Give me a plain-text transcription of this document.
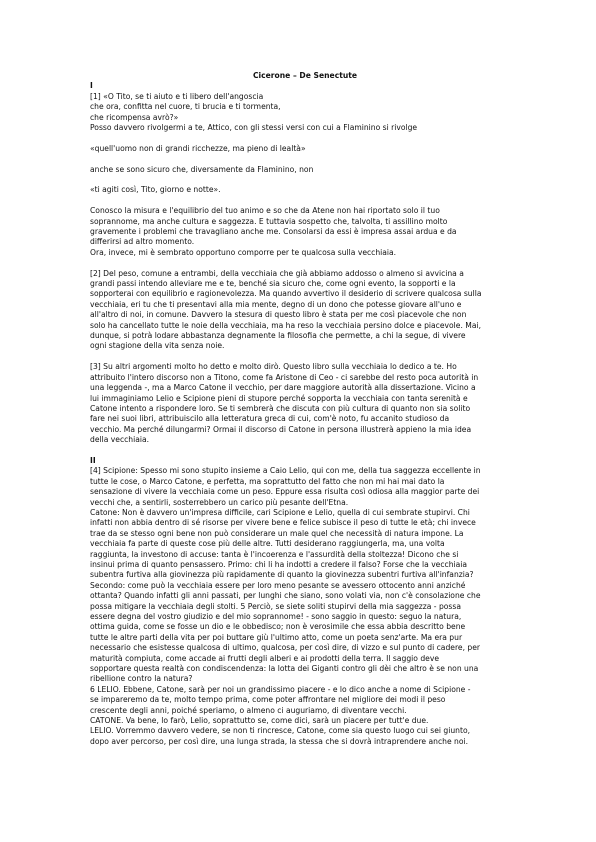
Cicerone – De Senectute
I

[1] «O Tito, se ti aiuto e ti libero dell'angoscia
che ora, confitta nel cuore, ti brucia e ti tormenta,
che ricompensa avrò?»
Posso davvero rivolgermi a te, Attico, con gli stessi versi con cui a Flaminino si rivolge

«quell'uomo non di grandi ricchezze, ma pieno di lealtà»

anche se sono sicuro che, diversamente da Flaminino, non

«ti agiti così, Tito, giorno e notte».

Conosco la misura e l'equilibrio del tuo animo e so che da Atene non hai riportato solo il tuo
soprannome, ma anche cultura e saggezza. E tuttavia sospetto che, talvolta, ti assillino molto
gravemente i problemi che travagliano anche me. Consolarsi da essi è impresa assai ardua e da
differirsi ad altro momento.
Ora, invece, mi è sembrato opportuno comporre per te qualcosa sulla vecchiaia.

[2] Del peso, comune a entrambi, della vecchiaia che già abbiamo addosso o almeno si avvicina a
grandi passi intendo alleviare me e te, benché sia sicuro che, come ogni evento, la sopporti e la
sopporterai con equilibrio e ragionevolezza. Ma quando avvertivo il desiderio di scrivere qualcosa sulla
vecchiaia, eri tu che ti presentavi alla mia mente, degno di un dono che potesse giovare all'uno e
all'altro di noi, in comune. Davvero la stesura di questo libro è stata per me così piacevole che non
solo ha cancellato tutte le noie della vecchiaia, ma ha reso la vecchiaia persino dolce e piacevole. Mai,
dunque, si potrà lodare abbastanza degnamente la filosofia che permette, a chi la segue, di vivere
ogni stagione della vita senza noie.

[3] Su altri argomenti molto ho detto e molto dirò. Questo libro sulla vecchiaia lo dedico a te. Ho
attribuito l'intero discorso non a Titono, come fa Aristone di Ceo - ci sarebbe del resto poca autorità in
una leggenda -, ma a Marco Catone il vecchio, per dare maggiore autorità alla dissertazione. Vicino a
lui immaginiamo Lelio e Scipione pieni di stupore perché sopporta la vecchiaia con tanta serenità e
Catone intento a rispondere loro. Se ti sembrerà che discuta con più cultura di quanto non sia solito
fare nei suoi libri, attribuiscilo alla letteratura greca di cui, com'è noto, fu accanito studioso da
vecchio. Ma perché dilungarmi? Ormai il discorso di Catone in persona illustrerà appieno la mia idea
della vecchiaia.

II

[4] Scipione: Spesso mi sono stupito insieme a Caio Lelio, qui con me, della tua saggezza eccellente in
tutte le cose, o Marco Catone, e perfetta, ma soprattutto del fatto che non mi hai mai dato la
sensazione di vivere la vecchiaia come un peso. Eppure essa risulta così odiosa alla maggior parte dei
vecchi che, a sentirli, sosterrebbero un carico più pesante dell'Etna.
Catone: Non è davvero un'impresa difficile, cari Scipione e Lelio, quella di cui sembrate stupirvi. Chi
infatti non abbia dentro di sé risorse per vivere bene e felice subisce il peso di tutte le età; chi invece
trae da se stesso ogni bene non può considerare un male quel che necessità di natura impone. La
vecchiaia fa parte di queste cose più delle altre. Tutti desiderano raggiungerla, ma, una volta
raggiunta, la investono di accuse: tanta è l'incoerenza e l'assurdità della stoltezza! Dicono che si
insinui prima di quanto pensassero. Primo: chi li ha indotti a credere il falso? Forse che la vecchiaia
subentra furtiva alla giovinezza più rapidamente di quanto la giovinezza subentri furtiva all'infanzia?
Secondo: come può la vecchiaia essere per loro meno pesante se avessero ottocento anni anziché
ottanta? Quando infatti gli anni passati, per lunghi che siano, sono volati via, non c'è consolazione che
possa mitigare la vecchiaia degli stolti. 5 Perciò, se siete soliti stupirvi della mia saggezza - possa
essere degna del vostro giudizio e del mio soprannome! - sono saggio in questo: seguo la natura,
ottima guida, come se fosse un dio e le obbedisco; non è verosimile che essa abbia descritto bene
tutte le altre parti della vita per poi buttare giù l'ultimo atto, come un poeta senz'arte. Ma era pur
necessario che esistesse qualcosa di ultimo, qualcosa, per così dire, di vizzo e sul punto di cadere, per
maturità compiuta, come accade ai frutti degli alberi e ai prodotti della terra. Il saggio deve
sopportare questa realtà con condiscendenza: la lotta dei Giganti contro gli dèi che altro è se non una
ribellione contro la natura?
6 LELIO. Ebbene, Catone, sarà per noi un grandissimo piacere - e lo dico anche a nome di Scipione -
se impareremo da te, molto tempo prima, come poter affrontare nel migliore dei modi il peso
crescente degli anni, poiché speriamo, o almeno ci auguriamo, di diventare vecchi.
CATONE. Va bene, lo farò, Lelio, soprattutto se, come dici, sarà un piacere per tutt'e due.
LELIO. Vorremmo davvero vedere, se non ti rincresce, Catone, come sia questo luogo cui sei giunto,
dopo aver percorso, per così dire, una lunga strada, la stessa che si dovrà intraprendere anche noi.
